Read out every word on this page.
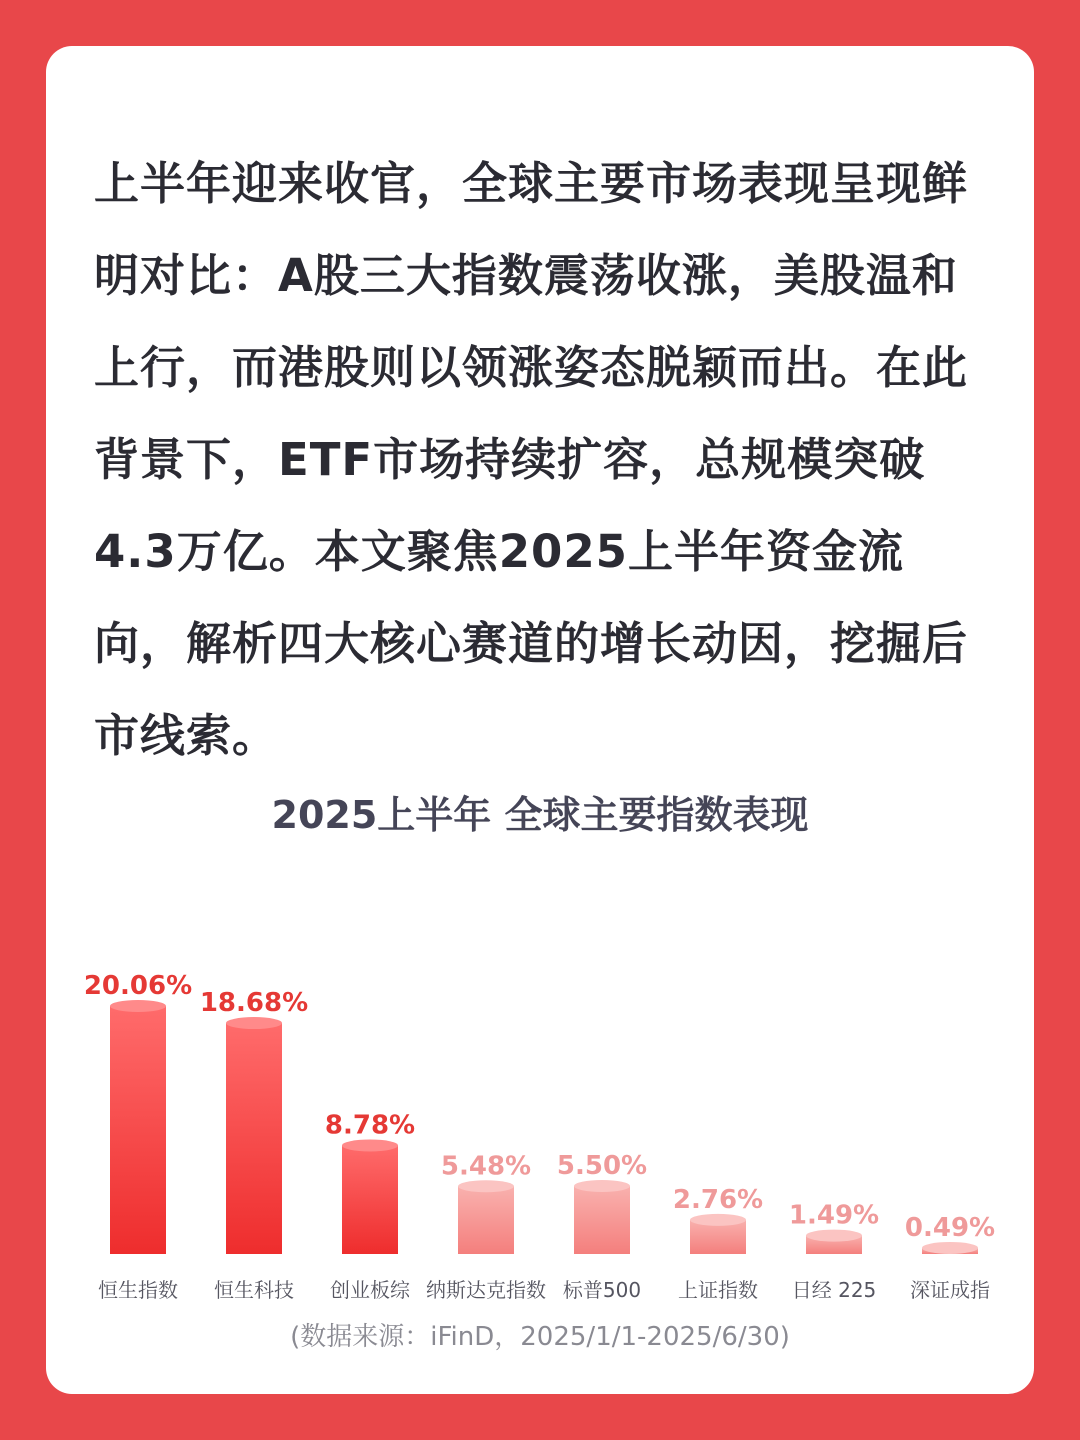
上半年迎来收官，全球主要市场表现呈现鲜明对比：A股三大指数震荡收涨，美股温和上行，而港股则以领涨姿态脱颖而出。在此背景下，ETF市场持续扩容，总规模突破4.3万亿。本文聚焦2025上半年资金流向，解析四大核心赛道的增长动因，挖掘后市线索。

2025上半年 全球主要指数表现
20.06%
恒生指数
18.68%
恒生科技
8.78%
创业板综
5.48%
纳斯达克指数
5.50%
标普500
2.76%
上证指数
1.49%
日经 225
0.49%
深证成指
(数据来源：iFinD，2025/1/1-2025/6/30)
